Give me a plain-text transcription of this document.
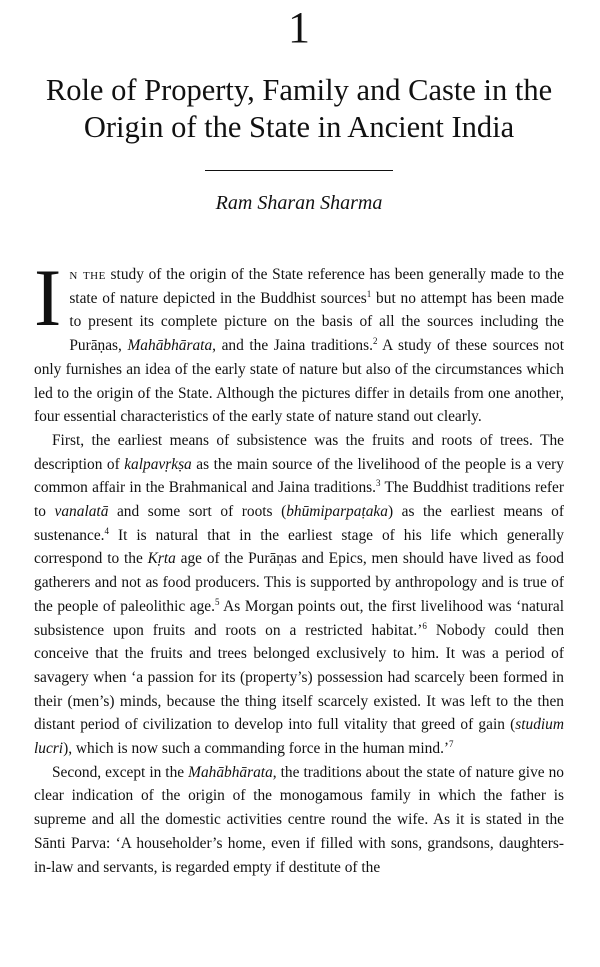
1
Role of Property, Family and Caste in the
Origin of the State in Ancient India
Ram Sharan Sharma

In the study of the origin of the State reference has been generally made to the state of nature depicted in the Buddhist sources$^1$ but no attempt has been made to present its complete picture on the basis of all the sources including the Purāṇas, Mahābhārata, and the Jaina traditions.$^2$ A study of these sources not only furnishes an idea of the early state of nature but also of the circumstances which led to the origin of the State. Although the pictures differ in details from one another, four essential characteristics of the early state of nature stand out clearly.

First, the earliest means of subsistence was the fruits and roots of trees. The description of kalpavṛkṣa as the main source of the livelihood of the people is a very common affair in the Brahmanical and Jaina traditions.$^3$ The Buddhist traditions refer to vanalatā and some sort of roots (bhūmiparpaṭaka) as the earliest means of sustenance.$^4$ It is natural that in the earliest stage of his life which generally correspond to the Kṛta age of the Purāṇas and Epics, men should have lived as food gatherers and not as food producers. This is supported by anthropology and is true of the people of paleolithic age.$^5$ As Morgan points out, the first livelihood was ‘natural subsistence upon fruits and roots on a restricted habitat.’$^6$ Nobody could then conceive that the fruits and trees belonged exclusively to him. It was a period of savagery when ‘a passion for its (property’s) possession had scarcely been formed in their (men’s) minds, because the thing itself scarcely existed. It was left to the then distant period of civilization to develop into full vitality that greed of gain (studium lucri), which is now such a commanding force in the human mind.’$^7$

Second, except in the Mahābhārata, the traditions about the state of nature give no clear indication of the origin of the monogamous family in which the father is supreme and all the domestic activities centre round the wife. As it is stated in the Sānti Parva: ‘A householder’s home, even if filled with sons, grandsons, daughters-in-law and servants, is regarded empty if destitute of the
